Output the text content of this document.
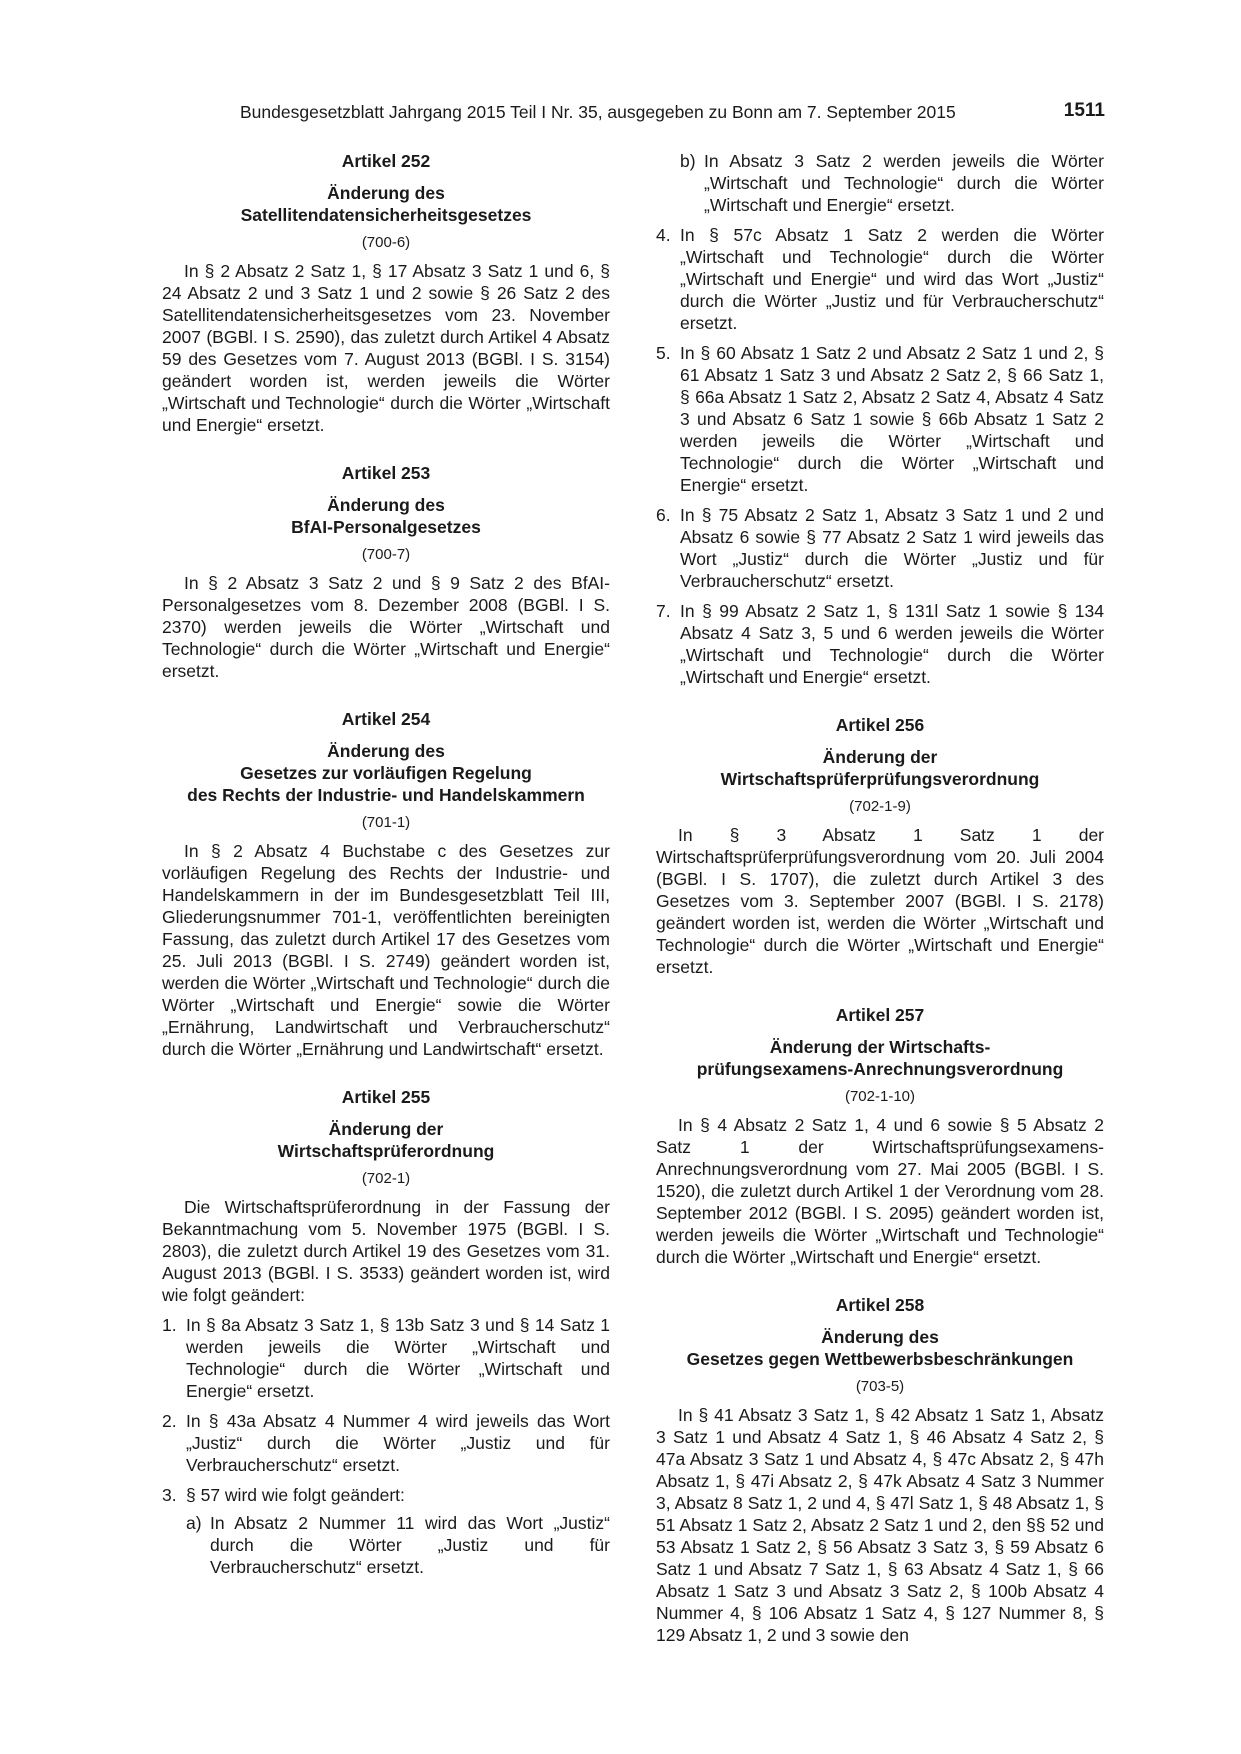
Bundesgesetzblatt Jahrgang 2015 Teil I Nr. 35, ausgegeben zu Bonn am 7. September 2015	1511
Artikel 252
Änderung des
Satellitendatensicherheitsgesetzes
(700-6)

In § 2 Absatz 2 Satz 1, § 17 Absatz 3 Satz 1 und 6, § 24 Absatz 2 und 3 Satz 1 und 2 sowie § 26 Satz 2 des Satellitendatensicherheitsgesetzes vom 23. November 2007 (BGBl. I S. 2590), das zuletzt durch Artikel 4 Absatz 59 des Gesetzes vom 7. August 2013 (BGBl. I S. 3154) geändert worden ist, werden jeweils die Wörter „Wirtschaft und Technologie“ durch die Wörter „Wirtschaft und Energie“ ersetzt.

Artikel 253
Änderung des
BfAI-Personalgesetzes
(700-7)

In § 2 Absatz 3 Satz 2 und § 9 Satz 2 des BfAI-Personalgesetzes vom 8. Dezember 2008 (BGBl. I S. 2370) werden jeweils die Wörter „Wirtschaft und Technologie“ durch die Wörter „Wirtschaft und Energie“ ersetzt.

Artikel 254
Änderung des
Gesetzes zur vorläufigen Regelung
des Rechts der Industrie- und Handelskammern
(701-1)

In § 2 Absatz 4 Buchstabe c des Gesetzes zur vorläufigen Regelung des Rechts der Industrie- und Handelskammern in der im Bundesgesetzblatt Teil III, Gliederungsnummer 701-1, veröffentlichten bereinigten Fassung, das zuletzt durch Artikel 17 des Gesetzes vom 25. Juli 2013 (BGBl. I S. 2749) geändert worden ist, werden die Wörter „Wirtschaft und Technologie“ durch die Wörter „Wirtschaft und Energie“ sowie die Wörter „Ernährung, Landwirtschaft und Verbraucherschutz“ durch die Wörter „Ernährung und Landwirtschaft“ ersetzt.

Artikel 255
Änderung der
Wirtschaftsprüferordnung
(702-1)

Die Wirtschaftsprüferordnung in der Fassung der Bekanntmachung vom 5. November 1975 (BGBl. I S. 2803), die zuletzt durch Artikel 19 des Gesetzes vom 31. August 2013 (BGBl. I S. 3533) geändert worden ist, wird wie folgt geändert:

1. In § 8a Absatz 3 Satz 1, § 13b Satz 3 und § 14 Satz 1 werden jeweils die Wörter „Wirtschaft und Technologie“ durch die Wörter „Wirtschaft und Energie“ ersetzt.
2. In § 43a Absatz 4 Nummer 4 wird jeweils das Wort „Justiz“ durch die Wörter „Justiz und für Verbraucherschutz“ ersetzt.
3. § 57 wird wie folgt geändert:
a) In Absatz 2 Nummer 11 wird das Wort „Justiz“ durch die Wörter „Justiz und für Verbraucherschutz“ ersetzt.
b) In Absatz 3 Satz 2 werden jeweils die Wörter „Wirtschaft und Technologie“ durch die Wörter „Wirtschaft und Energie“ ersetzt.
4. In § 57c Absatz 1 Satz 2 werden die Wörter „Wirtschaft und Technologie“ durch die Wörter „Wirtschaft und Energie“ und wird das Wort „Justiz“ durch die Wörter „Justiz und für Verbraucherschutz“ ersetzt.
5. In § 60 Absatz 1 Satz 2 und Absatz 2 Satz 1 und 2, § 61 Absatz 1 Satz 3 und Absatz 2 Satz 2, § 66 Satz 1, § 66a Absatz 1 Satz 2, Absatz 2 Satz 4, Absatz 4 Satz 3 und Absatz 6 Satz 1 sowie § 66b Absatz 1 Satz 2 werden jeweils die Wörter „Wirtschaft und Technologie“ durch die Wörter „Wirtschaft und Energie“ ersetzt.
6. In § 75 Absatz 2 Satz 1, Absatz 3 Satz 1 und 2 und Absatz 6 sowie § 77 Absatz 2 Satz 1 wird jeweils das Wort „Justiz“ durch die Wörter „Justiz und für Verbraucherschutz“ ersetzt.
7. In § 99 Absatz 2 Satz 1, § 131l Satz 1 sowie § 134 Absatz 4 Satz 3, 5 und 6 werden jeweils die Wörter „Wirtschaft und Technologie“ durch die Wörter „Wirtschaft und Energie“ ersetzt.
Artikel 256
Änderung der
Wirtschaftsprüferprüfungsverordnung
(702-1-9)

In § 3 Absatz 1 Satz 1 der Wirtschaftsprüferprüfungsverordnung vom 20. Juli 2004 (BGBl. I S. 1707), die zuletzt durch Artikel 3 des Gesetzes vom 3. September 2007 (BGBl. I S. 2178) geändert worden ist, werden die Wörter „Wirtschaft und Technologie“ durch die Wörter „Wirtschaft und Energie“ ersetzt.

Artikel 257
Änderung der Wirtschafts-
prüfungsexamens-Anrechnungsverordnung
(702-1-10)

In § 4 Absatz 2 Satz 1, 4 und 6 sowie § 5 Absatz 2 Satz 1 der Wirtschaftsprüfungsexamens-Anrechnungsverordnung vom 27. Mai 2005 (BGBl. I S. 1520), die zuletzt durch Artikel 1 der Verordnung vom 28. September 2012 (BGBl. I S. 2095) geändert worden ist, werden jeweils die Wörter „Wirtschaft und Technologie“ durch die Wörter „Wirtschaft und Energie“ ersetzt.

Artikel 258
Änderung des
Gesetzes gegen Wettbewerbsbeschränkungen
(703-5)

In § 41 Absatz 3 Satz 1, § 42 Absatz 1 Satz 1, Absatz 3 Satz 1 und Absatz 4 Satz 1, § 46 Absatz 4 Satz 2, § 47a Absatz 3 Satz 1 und Absatz 4, § 47c Absatz 2, § 47h Absatz 1, § 47i Absatz 2, § 47k Absatz 4 Satz 3 Nummer 3, Absatz 8 Satz 1, 2 und 4, § 47l Satz 1, § 48 Absatz 1, § 51 Absatz 1 Satz 2, Absatz 2 Satz 1 und 2, den §§ 52 und 53 Absatz 1 Satz 2, § 56 Absatz 3 Satz 3, § 59 Absatz 6 Satz 1 und Absatz 7 Satz 1, § 63 Absatz 4 Satz 1, § 66 Absatz 1 Satz 3 und Absatz 3 Satz 2, § 100b Absatz 4 Nummer 4, § 106 Absatz 1 Satz 4, § 127 Nummer 8, § 129 Absatz 1, 2 und 3 sowie den
